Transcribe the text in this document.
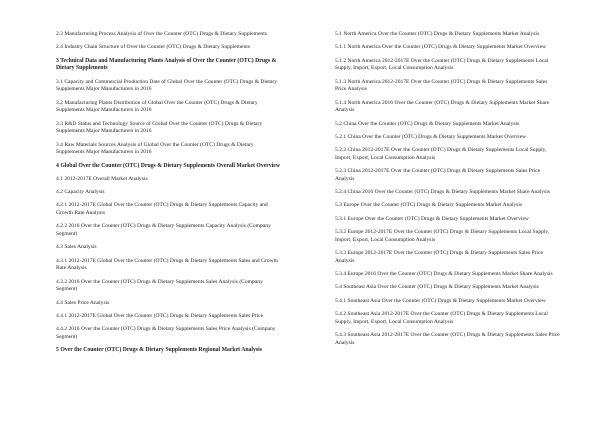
2.3 Manufacturing Process Analysis of Over the Counter (OTC) Drugs & Dietary Supplements

2.4 Industry Chain Structure of Over the Counter (OTC) Drugs & Dietary Supplements

3 Technical Data and Manufacturing Plants Analysis of Over the Counter (OTC) Drugs & Dietary Supplements

3.1 Capacity and Commercial Production Date of Global Over the Counter (OTC) Drugs & Dietary Supplements Major Manufacturers in 2016

3.2 Manufacturing Plants Distribution of Global Over the Counter (OTC) Drugs & Dietary Supplements Major Manufacturers in 2016

3.3 R&D Status and Technology Source of Global Over the Counter (OTC) Drugs & Dietary Supplements Major Manufacturers in 2016

3.4 Raw Materials Sources Analysis of Global Over the Counter (OTC) Drugs & Dietary Supplements Major Manufacturers in 2016

4 Global Over the Counter (OTC) Drugs & Dietary Supplements Overall Market Overview

4.1 2012-2017E Overall Market Analysis

4.2 Capacity Analysis

4.2.1 2012-2017E Global Over the Counter (OTC) Drugs & Dietary Supplements Capacity and Growth Rate Analysis

4.2.2 2016 Over the Counter (OTC) Drugs & Dietary Supplements Capacity Analysis (Company Segment)

4.3 Sales Analysis

4.3.1 2012-2017E Global Over the Counter (OTC) Drugs & Dietary Supplements Sales and Growth Rate Analysis

4.3.2 2016 Over the Counter (OTC) Drugs & Dietary Supplements Sales Analysis (Company Segment)

4.4 Sales Price Analysis

4.4.1 2012-2017E Global Over the Counter (OTC) Drugs & Dietary Supplements Sales Price

4.4.2 2016 Over the Counter (OTC) Drugs & Dietary Supplements Sales Price Analysis (Company Segment)

5 Over the Counter (OTC) Drugs & Dietary Supplements Regional Market Analysis

5.1 North America Over the Counter (OTC) Drugs & Dietary Supplements Market Analysis

5.1.1 North America Over the Counter (OTC) Drugs & Dietary Supplements Market Overview

5.1.2 North America 2012-2017E Over the Counter (OTC) Drugs & Dietary Supplements Local Supply, Import, Export, Local Consumption Analysis

5.1.3 North America 2012-2017E Over the Counter (OTC) Drugs & Dietary Supplements Sales Price Analysis

5.1.4 North America 2016 Over the Counter (OTC) Drugs & Dietary Supplements Market Share Analysis

5.2 China Over the Counter (OTC) Drugs & Dietary Supplements Market Analysis

5.2.1 China Over the Counter (OTC) Drugs & Dietary Supplements Market Overview

5.2.2 China 2012-2017E Over the Counter (OTC) Drugs & Dietary Supplements Local Supply, Import, Export, Local Consumption Analysis

5.2.3 China 2012-2017E Over the Counter (OTC) Drugs & Dietary Supplements Sales Price Analysis

5.2.4 China 2016 Over the Counter (OTC) Drugs & Dietary Supplements Market Share Analysis

5.3 Europe Over the Counter (OTC) Drugs & Dietary Supplements Market Analysis

5.3.1 Europe Over the Counter (OTC) Drugs & Dietary Supplements Market Overview

5.3.2 Europe 2012-2017E Over the Counter (OTC) Drugs & Dietary Supplements Local Supply, Import, Export, Local Consumption Analysis

5.3.3 Europe 2012-2017E Over the Counter (OTC) Drugs & Dietary Supplements Sales Price Analysis

5.3.4 Europe 2016 Over the Counter (OTC) Drugs & Dietary Supplements Market Share Analysis

5.4 Southeast Asia Over the Counter (OTC) Drugs & Dietary Supplements Market Analysis

5.4.1 Southeast Asia Over the Counter (OTC) Drugs & Dietary Supplements Market Overview

5.4.2 Southeast Asia 2012-2017E Over the Counter (OTC) Drugs & Dietary Supplements Local Supply, Import, Export, Local Consumption Analysis

5.4.3 Southeast Asia 2012-2017E Over the Counter (OTC) Drugs & Dietary Supplements Sales Price Analysis
